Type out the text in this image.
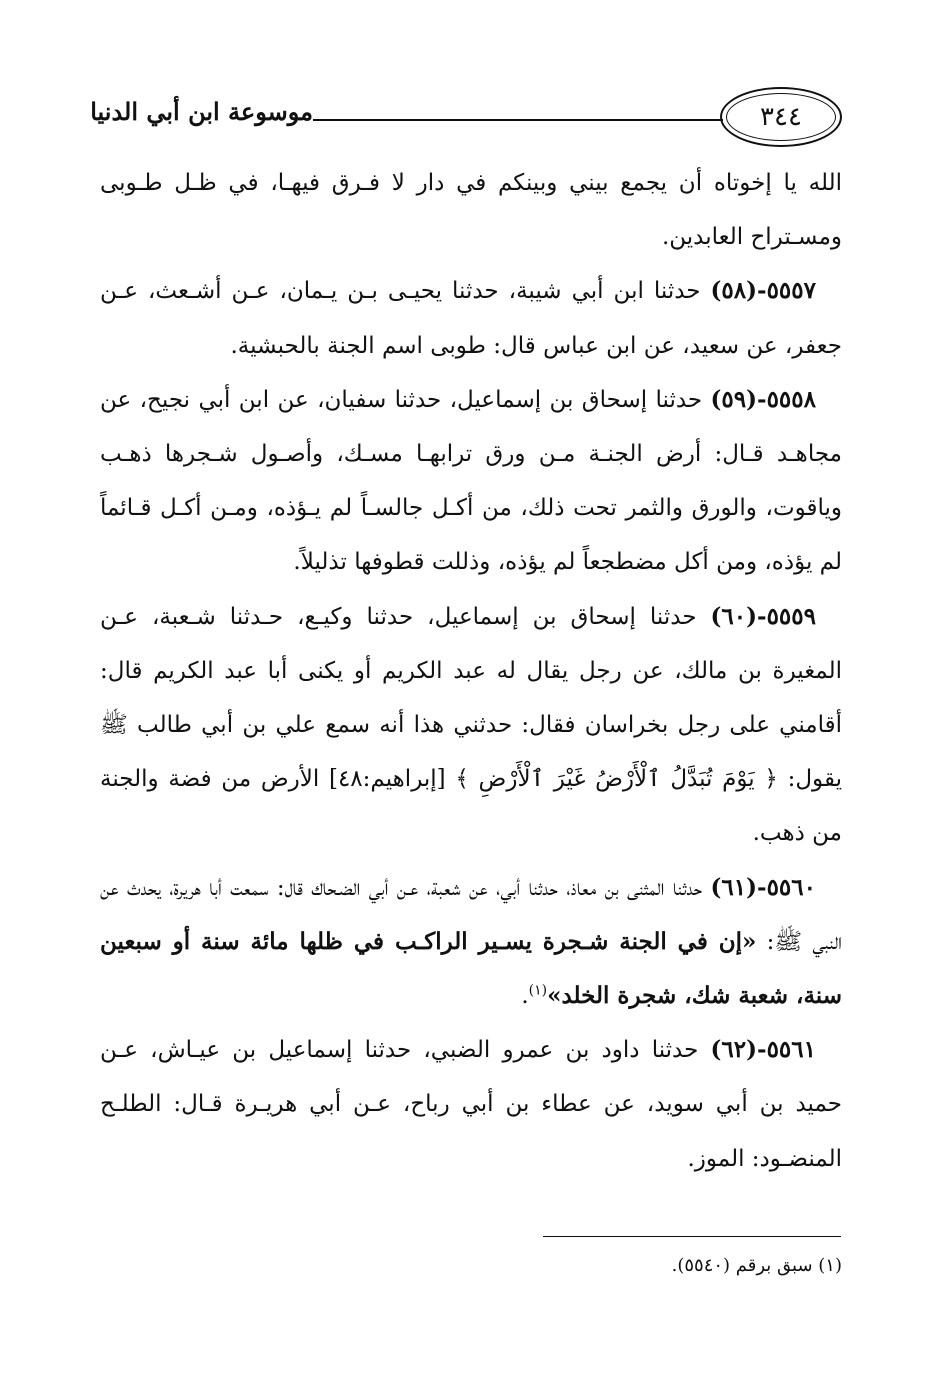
موسوعة ابن أبي الدنيا	٣٤٤

الله يا إخوتاه أن يجمع بيني وبينكم في دار لا فـرق فيهـا، في ظـل طـوبى ومسـتراح العابدين.

٥٥٥٧-(٥٨) حدثنا ابن أبي شيبة، حدثنا يحيـى بـن يـمان، عـن أشـعث، عـن جعفر، عن سعيد، عن ابن عباس قال: طوبى اسم الجنة بالحبشية.

٥٥٥٨-(٥٩) حدثنا إسحاق بن إسماعيل، حدثنا سفيان، عن ابن أبي نجيح، عن مجاهـد قـال: أرض الجنـة مـن ورق ترابهـا مسـك، وأصـول شـجرها ذهـب وياقوت، والورق والثمر تحت ذلك، من أكـل جالسـاً لم يـؤذه، ومـن أكـل قـائماً لم يؤذه، ومن أكل مضطجعاً لم يؤذه، وذللت قطوفها تذليلاً.

٥٥٥٩-(٦٠) حدثنا إسحاق بن إسماعيل، حدثنا وكيـع، حـدثنا شـعبة، عـن المغيرة بن مالك، عن رجل يقال له عبد الكريم أو يكنى أبا عبد الكريم قال: أقامني على رجل بخراسان فقال: حدثني هذا أنه سمع علي بن أبي طالب ﷺ يقول: ﴿ يَوْمَ تُبَدَّلُ ٱلْأَرْضُ غَيْرَ ٱلْأَرْضِ ﴾ [إبراهيم:٤٨] الأرض من فضة والجنة من ذهب.

٥٥٦٠-(٦١) حدثنا المثنى بن معاذ، حدثنا أبي، عن شعبة، عـن أبي الضـحاك قال: سمعت أبا هريرة، يحدث عن النبي ﷺ: «إن في الجنة شـجرة يسـير الراكـب في ظلها مائة سنة أو سبعين سنة، شعبة شك، شجرة الخلد»$^{(١)}$.

٥٥٦١-(٦٢) حدثنا داود بن عمرو الضبي، حدثنا إسماعيل بن عيـاش، عـن حميد بن أبي سويد، عن عطاء بن أبي رباح، عـن أبي هريـرة قـال: الطلـح المنضـود: الموز.

(١) سبق برقم (٥٥٤٠).
